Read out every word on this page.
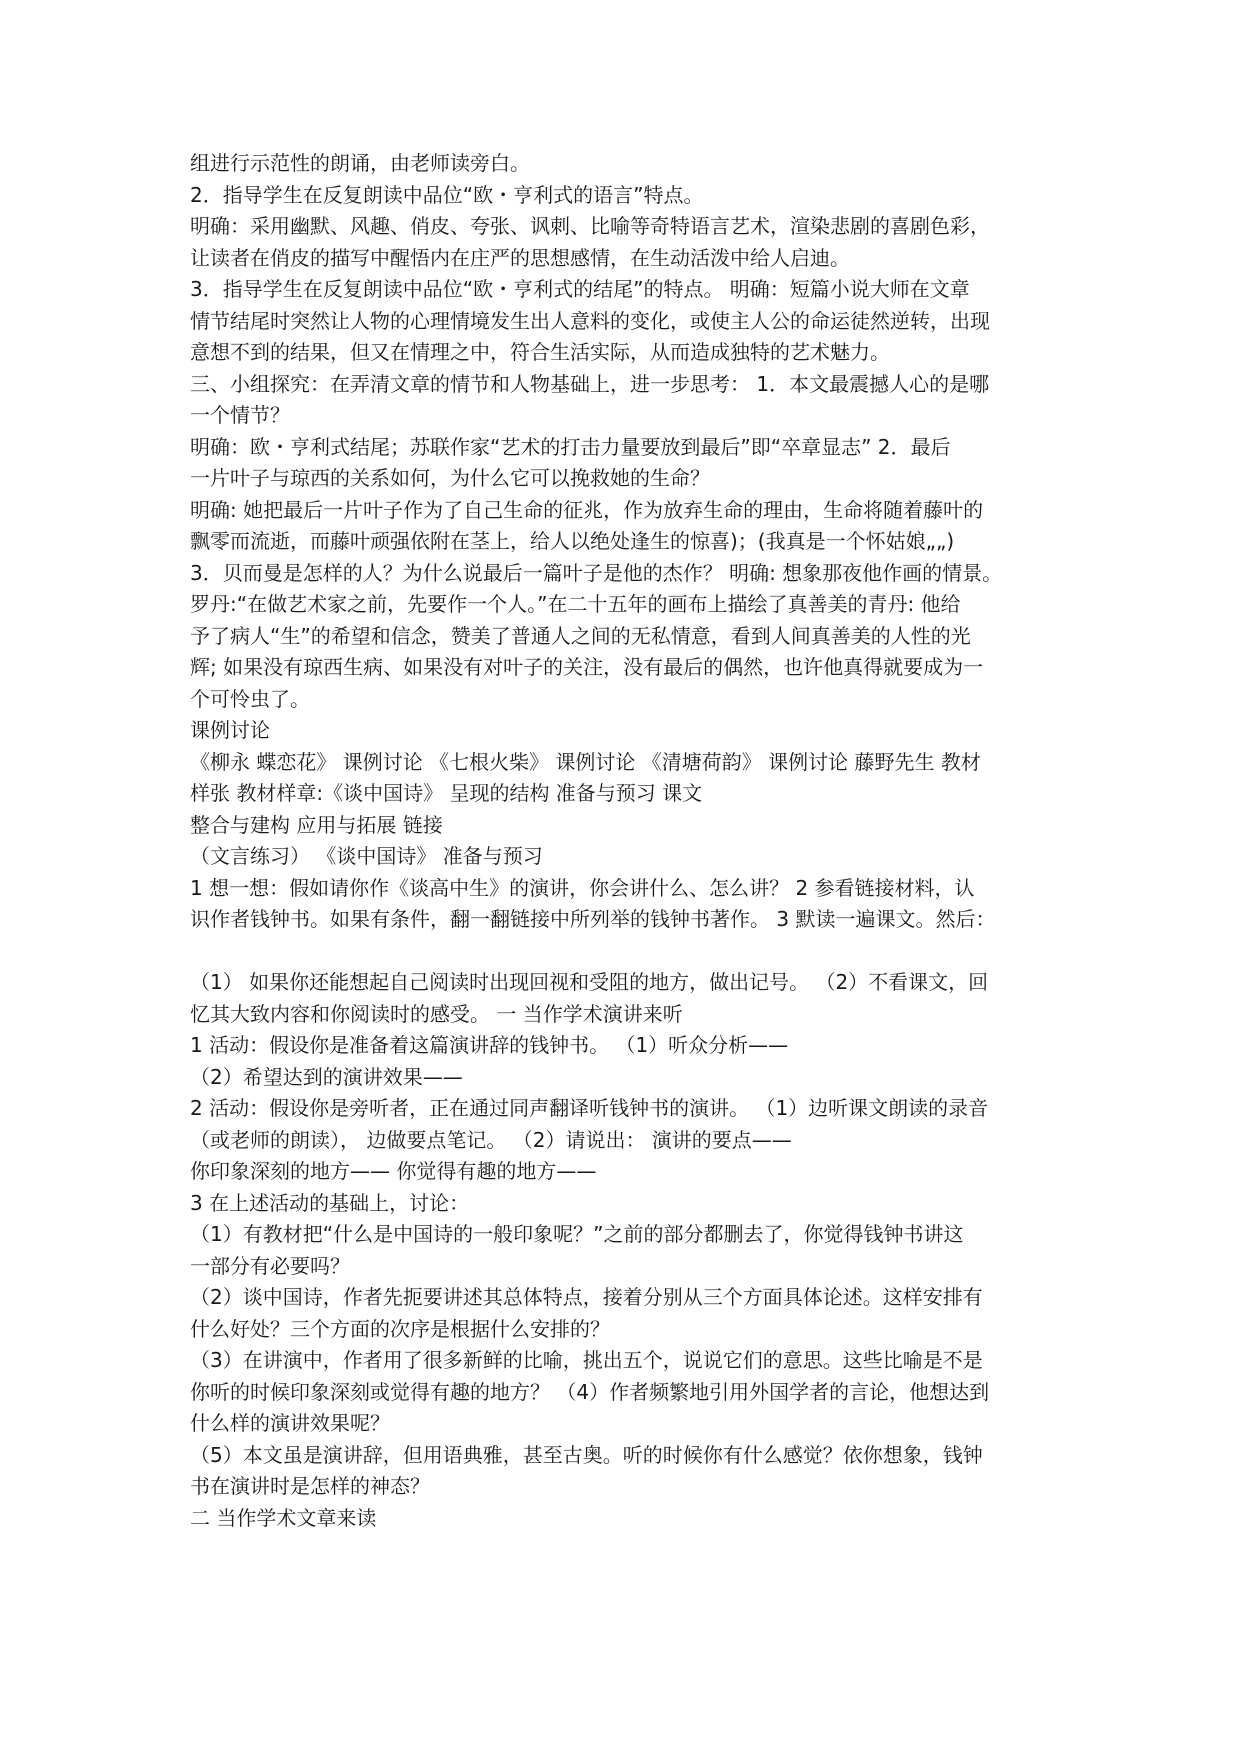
组进行示范性的朗诵，由老师读旁白。
2．指导学生在反复朗读中品位“欧・亨利式的语言”特点。
明确：采用幽默、风趣、俏皮、夸张、讽刺、比喻等奇特语言艺术，渲染悲剧的喜剧色彩，
让读者在俏皮的描写中醒悟内在庄严的思想感情，在生动活泼中给人启迪。
3．指导学生在反复朗读中品位“欧・亨利式的结尾”的特点。 明确：短篇小说大师在文章
情节结尾时突然让人物的心理情境发生出人意料的变化，或使主人公的命运徒然逆转，出现
意想不到的结果，但又在情理之中，符合生活实际，从而造成独特的艺术魅力。
三、小组探究：在弄清文章的情节和人物基础上，进一步思考： 1．本文最震撼人心的是哪
一个情节？
明确：欧・亨利式结尾；苏联作家“艺术的打击力量要放到最后”即“卒章显志” 2．最后
一片叶子与琼西的关系如何，为什么它可以挽救她的生命？
明确: 她把最后一片叶子作为了自己生命的征兆，作为放弃生命的理由，生命将随着藤叶的
飘零而流逝，而藤叶顽强依附在茎上，给人以绝处逢生的惊喜)；(我真是一个怀姑娘„„)
3．贝而曼是怎样的人？为什么说最后一篇叶子是他的杰作？ 明确: 想象那夜他作画的情景。
罗丹:“在做艺术家之前，先要作一个人。”在二十五年的画布上描绘了真善美的青丹: 他给
予了病人“生”的希望和信念，赞美了普通人之间的无私情意，看到人间真善美的人性的光
辉; 如果没有琼西生病、如果没有对叶子的关注，没有最后的偶然，也许他真得就要成为一
个可怜虫了。
课例讨论
《柳永 蝶恋花》 课例讨论 《七根火柴》 课例讨论 《清塘荷韵》 课例讨论 藤野先生 教材
样张 教材样章:《谈中国诗》 呈现的结构 准备与预习 课文
整合与建构 应用与拓展 链接
（文言练习） 《谈中国诗》 准备与预习
1 想一想：假如请你作《谈高中生》的演讲，你会讲什么、怎么讲？ 2 参看链接材料，认
识作者钱钟书。如果有条件，翻一翻链接中所列举的钱钟书著作。 3 默读一遍课文。然后：
（1） 如果你还能想起自己阅读时出现回视和受阻的地方，做出记号。 （2）不看课文，回
忆其大致内容和你阅读时的感受。 一 当作学术演讲来听
1 活动：假设你是准备着这篇演讲辞的钱钟书。 （1）听众分析——
（2）希望达到的演讲效果——
2 活动：假设你是旁听者，正在通过同声翻译听钱钟书的演讲。 （1）边听课文朗读的录音
（或老师的朗读）， 边做要点笔记。 （2）请说出： 演讲的要点——
你印象深刻的地方—— 你觉得有趣的地方——
3 在上述活动的基础上，讨论：
（1）有教材把“什么是中国诗的一般印象呢？”之前的部分都删去了，你觉得钱钟书讲这
一部分有必要吗？
（2）谈中国诗，作者先扼要讲述其总体特点，接着分别从三个方面具体论述。这样安排有
什么好处？三个方面的次序是根据什么安排的？
（3）在讲演中，作者用了很多新鲜的比喻，挑出五个，说说它们的意思。这些比喻是不是
你听的时候印象深刻或觉得有趣的地方？ （4）作者频繁地引用外国学者的言论，他想达到
什么样的演讲效果呢？
（5）本文虽是演讲辞，但用语典雅，甚至古奥。听的时候你有什么感觉？依你想象，钱钟
书在演讲时是怎样的神态？
二 当作学术文章来读
